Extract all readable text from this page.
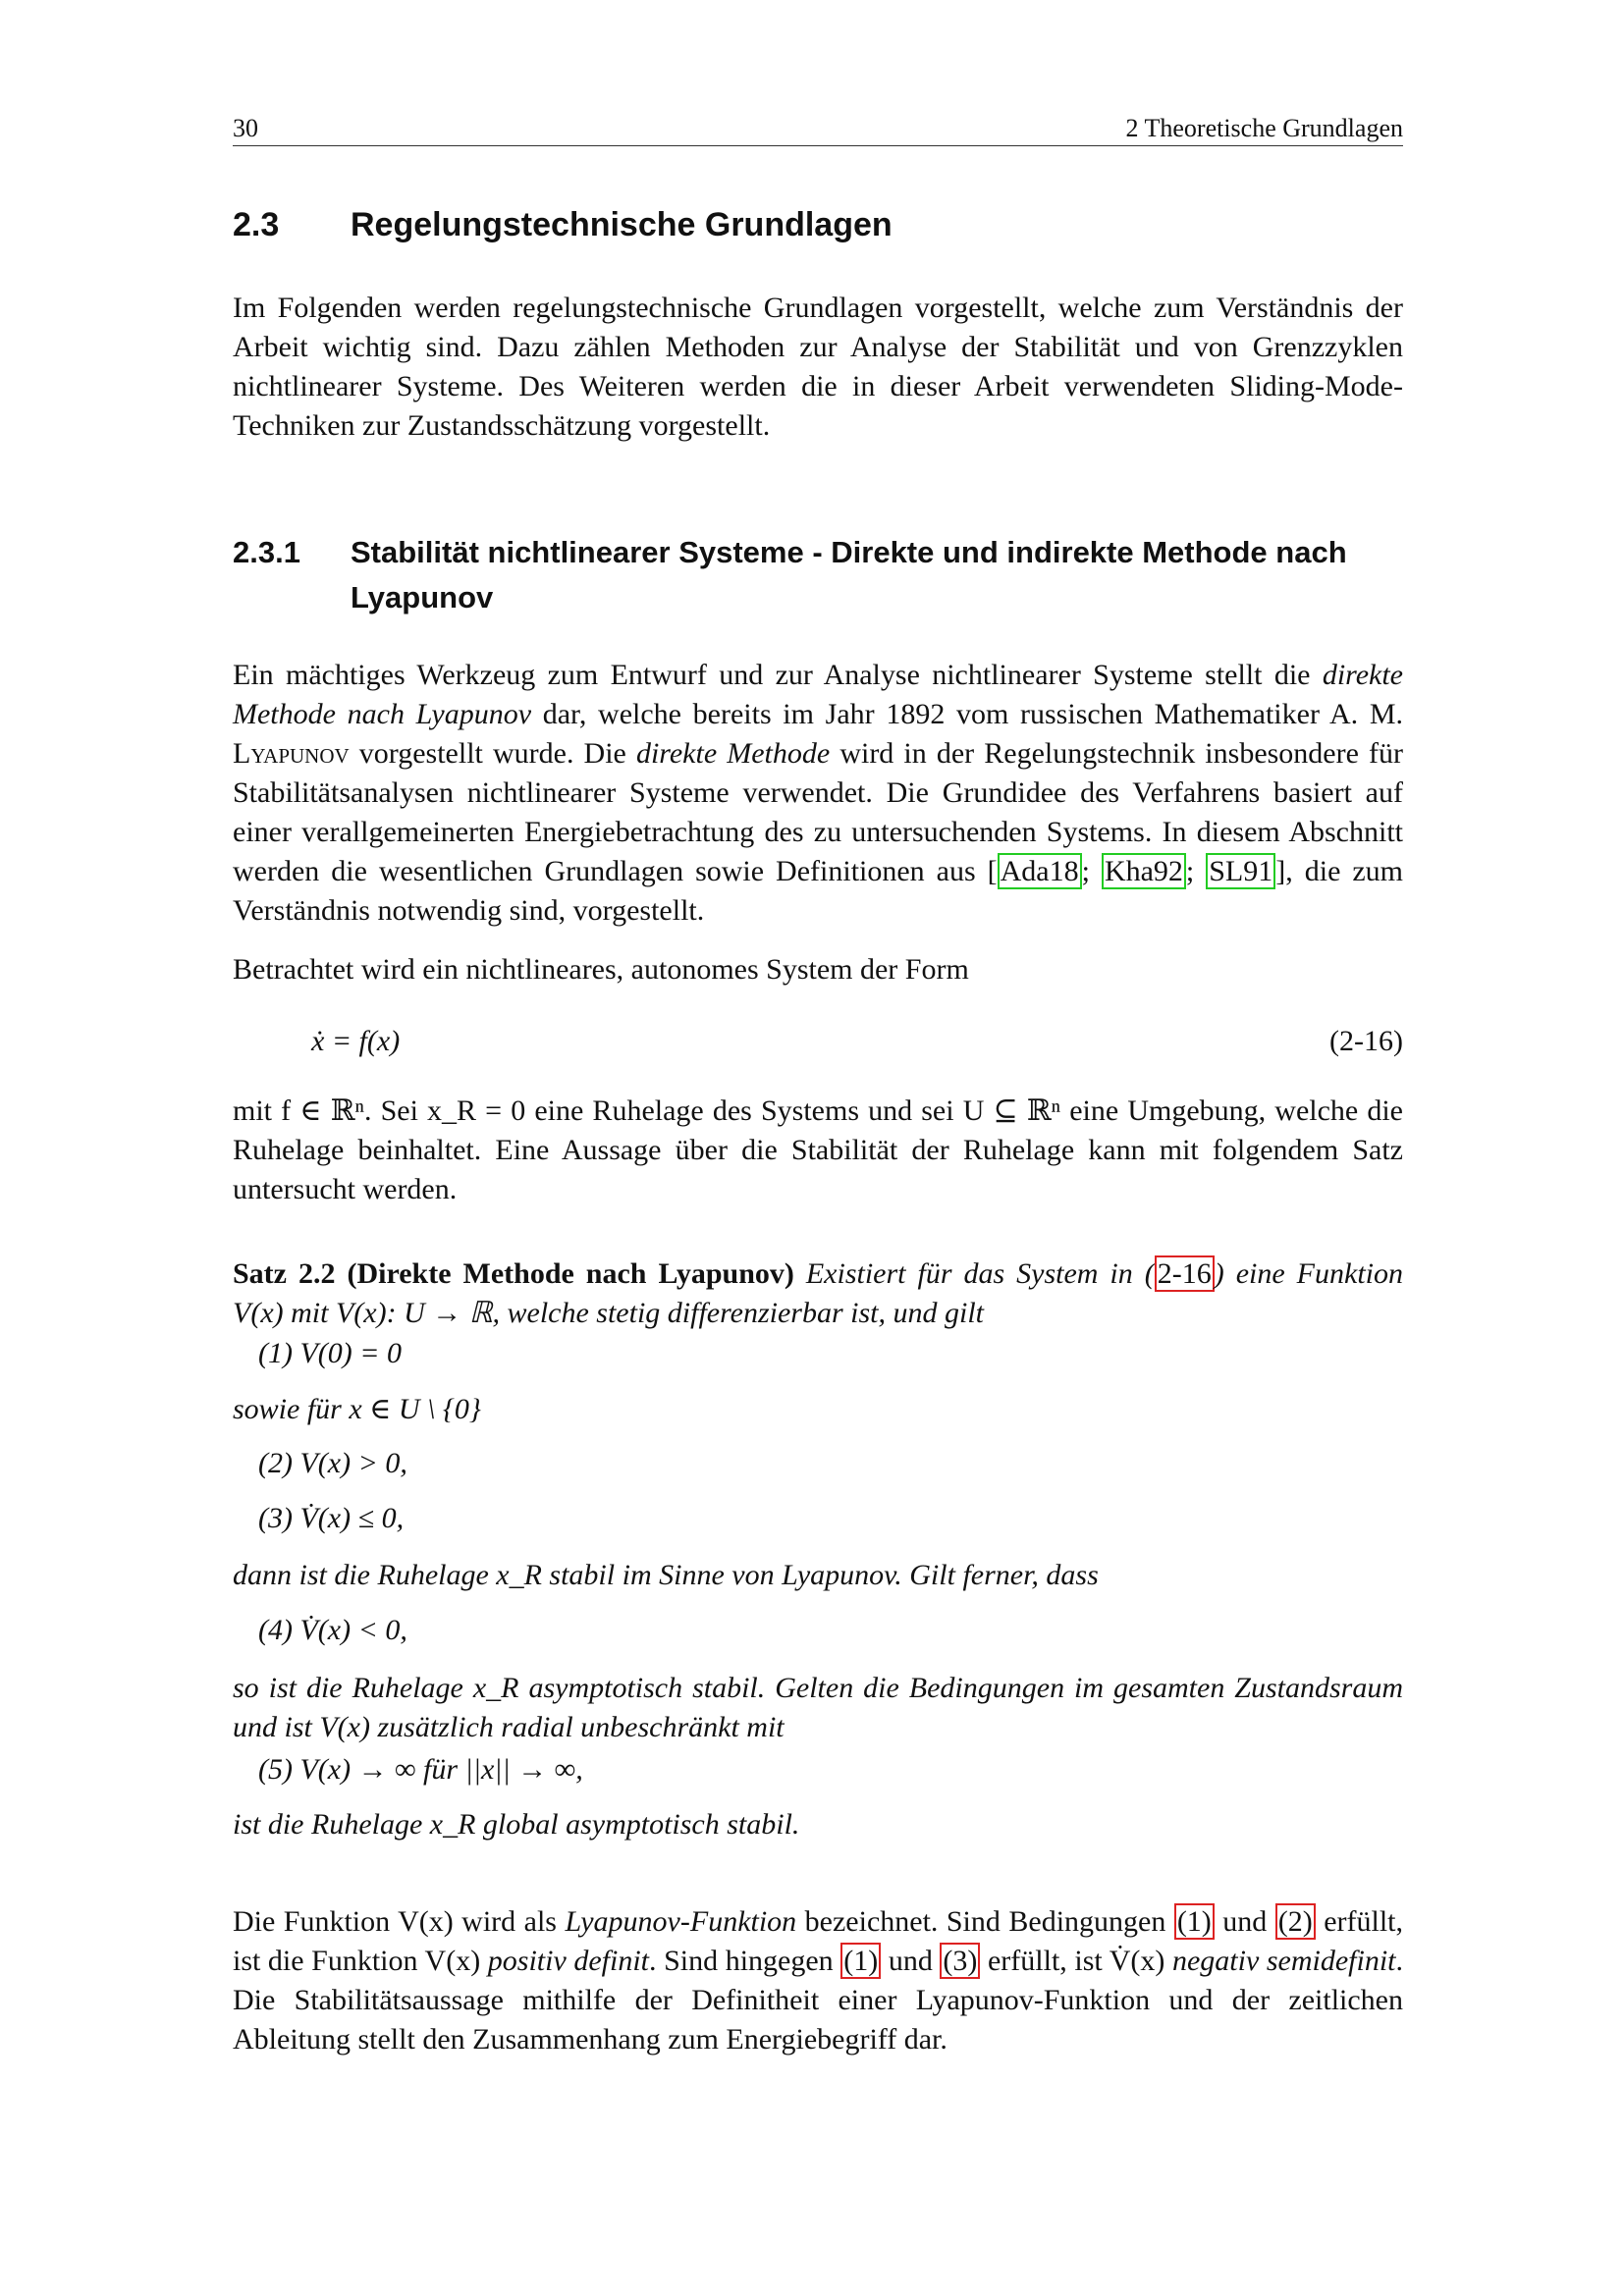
30	2 Theoretische Grundlagen
2.3 Regelungstechnische Grundlagen

Im Folgenden werden regelungstechnische Grundlagen vorgestellt, welche zum Verständnis der Arbeit wichtig sind. Dazu zählen Methoden zur Analyse der Stabilität und von Grenzzyklen nichtlinearer Systeme. Des Weiteren werden die in dieser Arbeit verwendeten Sliding-Mode-Techniken zur Zustandsschätzung vorgestellt.

2.3.1 Stabilität nichtlinearer Systeme - Direkte und indirekte Methode nach Lyapunov

Ein mächtiges Werkzeug zum Entwurf und zur Analyse nichtlinearer Systeme stellt die direkte Methode nach Lyapunov dar, welche bereits im Jahr 1892 vom russischen Mathematiker A. M. Lyapunov vorgestellt wurde. Die direkte Methode wird in der Regelungstechnik insbesondere für Stabilitätsanalysen nichtlinearer Systeme verwendet. Die Grundidee des Verfahrens basiert auf einer verallgemeinerten Energiebetrachtung des zu untersuchenden Systems. In diesem Abschnitt werden die wesentlichen Grundlagen sowie Definitionen aus [ Ada18 ; Kha92 ; SL91 ], die zum Verständnis notwendig sind, vorgestellt.

Betrachtet wird ein nichtlineares, autonomes System der Form

ẋ = f(x)	(2-16)

mit f ∈ ℝⁿ. Sei x_R = 0 eine Ruhelage des Systems und sei U ⊆ ℝⁿ eine Umgebung, welche die Ruhelage beinhaltet. Eine Aussage über die Stabilität der Ruhelage kann mit folgendem Satz untersucht werden.

Satz 2.2 (Direkte Methode nach Lyapunov) Existiert für das System in ( 2-16 ) eine Funktion V(x) mit V(x): U → ℝ, welche stetig differenzierbar ist, und gilt

(1) V(0) = 0
sowie für x ∈ U \ {0}
(2) V(x) > 0,
(3) V̇(x) ≤ 0,
dann ist die Ruhelage x_R stabil im Sinne von Lyapunov. Gilt ferner, dass
(4) V̇(x) < 0,

so ist die Ruhelage x_R asymptotisch stabil. Gelten die Bedingungen im gesamten Zustandsraum und ist V(x) zusätzlich radial unbeschränkt mit

(5) V(x) → ∞ für ||x|| → ∞,
ist die Ruhelage x_R global asymptotisch stabil.

Die Funktion V(x) wird als Lyapunov-Funktion bezeichnet. Sind Bedingungen (1) und (2) erfüllt, ist die Funktion V(x) positiv definit. Sind hingegen (1) und (3) erfüllt, ist V̇(x) negativ semidefinit. Die Stabilitätsaussage mithilfe der Definitheit einer Lyapunov-Funktion und der zeitlichen Ableitung stellt den Zusammenhang zum Energiebegriff dar.
